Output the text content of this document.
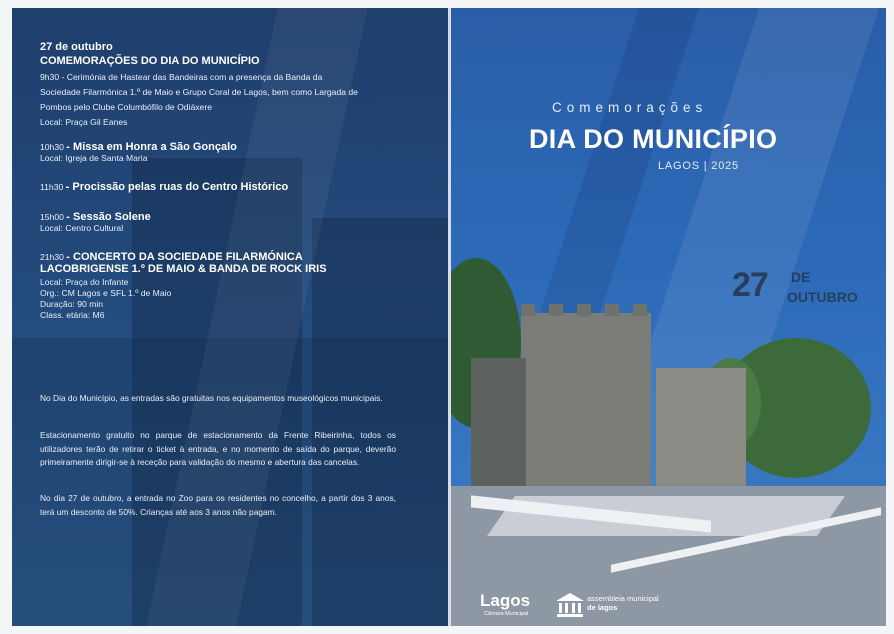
27 de outubro
COMEMORAÇÕES DO DIA DO MUNICÍPIO
9h30 - Cerimónia de Hastear das Bandeiras com a presença da Banda da
Sociedade Filarmónica 1.º de Maio e Grupo Coral de Lagos, bem como Largada de
Pombos pelo Clube Columbófilo de Odiáxere
Local: Praça Gil Eanes
10h30 - Missa em Honra a São Gonçalo
Local: Igreja de Santa Maria
11h30 - Procissão pelas ruas do Centro Histórico
15h00 - Sessão Solene
Local: Centro Cultural
21h30 - CONCERTO DA SOCIEDADE FILARMÓNICA
LACOBRIGENSE 1.º DE MAIO & BANDA DE ROCK IRIS
Local: Praça do Infante
Org.: CM Lagos e SFL 1.º de Maio
Duração: 90 min
Class. etária: M6
No Dia do Município, as entradas são gratuitas nos equipamentos museológicos municipais.
Estacionamento gratuito no parque de estacionamento da Frente Ribeirinha, todos os utilizadores terão de retirar o ticket à entrada, e no momento de saída do parque, deverão primeiramente dirigir-se à receção para validação do mesmo e abertura das cancelas.
No dia 27 de outubro, a entrada no Zoo para os residentes no concelho, a partir dos 3 anos, terá um desconto de 50%. Crianças até aos 3 anos não pagam.
Comemorações
DIA DO MUNICÍPIO
LAGOS | 2025
27 DE
OUTUBRO
Lagos
Câmara Municipal
assembleia municipal
de lagos
